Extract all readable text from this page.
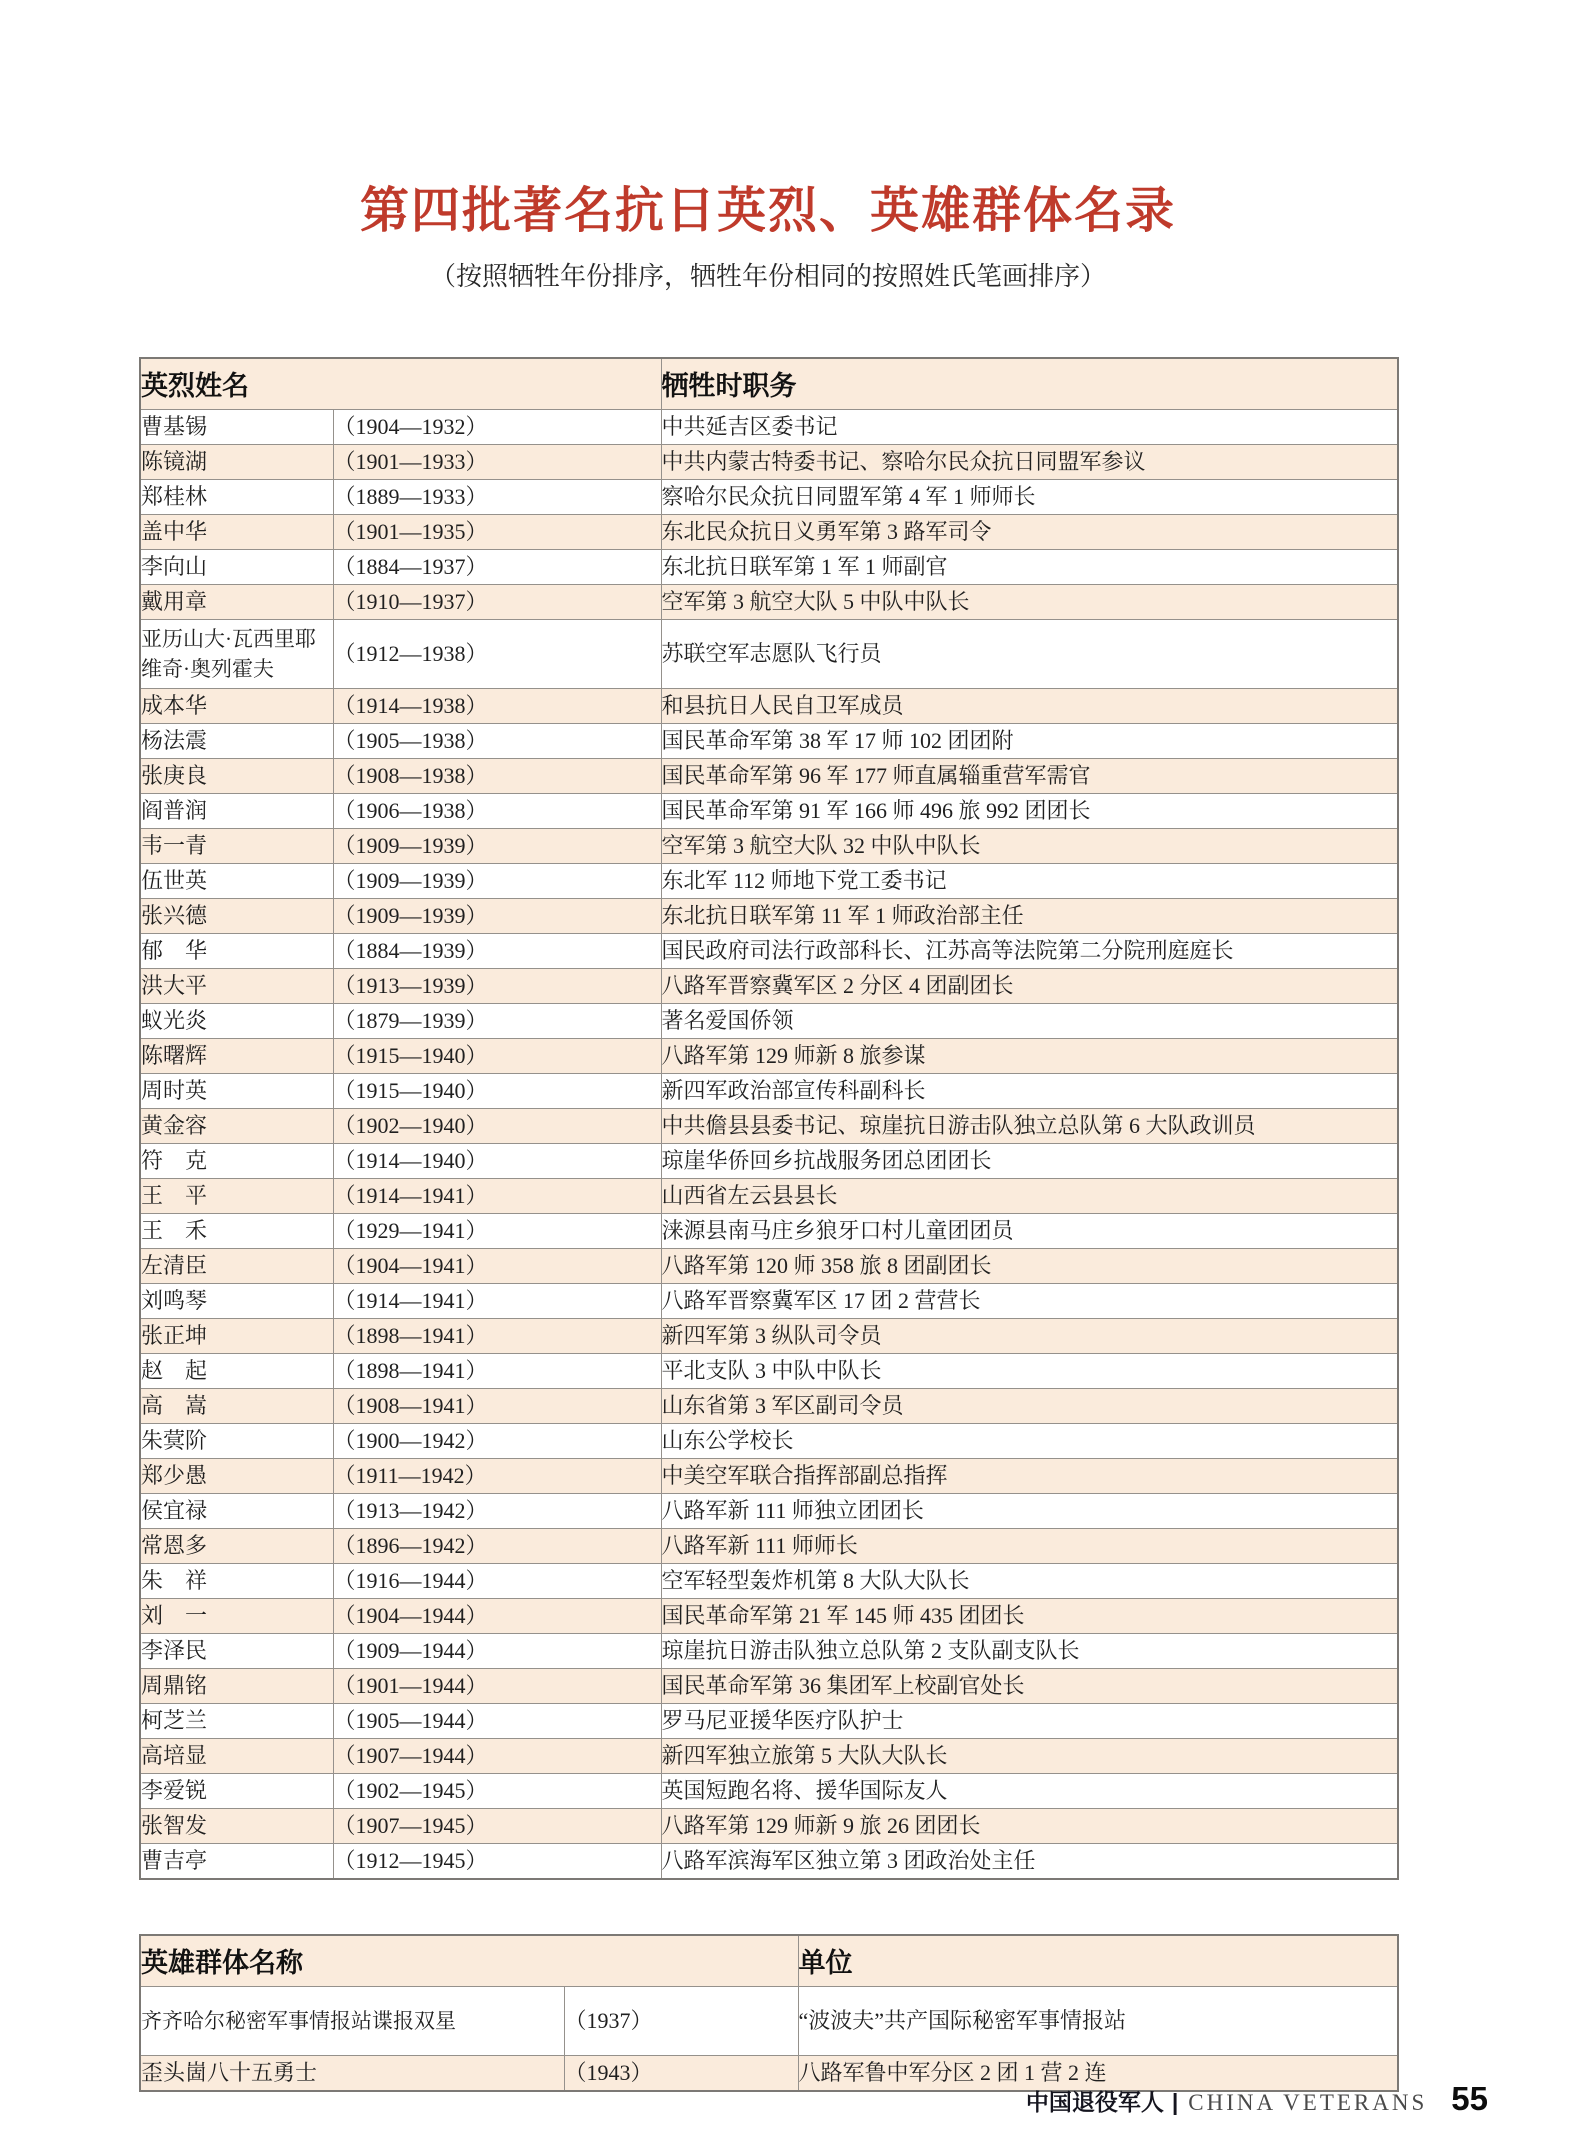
第四批著名抗日英烈、英雄群体名录
（按照牺牲年份排序，牺牲年份相同的按照姓氏笔画排序）
英烈姓名		牺牲时职务
曹基锡	（1904—1932）	中共延吉区委书记
陈镜湖	（1901—1933）	中共内蒙古特委书记、察哈尔民众抗日同盟军参议
郑桂林	（1889—1933）	察哈尔民众抗日同盟军第 4 军 1 师师长
盖中华	（1901—1935）	东北民众抗日义勇军第 3 路军司令
李向山	（1884—1937）	东北抗日联军第 1 军 1 师副官
戴用章	（1910—1937）	空军第 3 航空大队 5 中队中队长
亚历山大·瓦西里耶维奇·奥列霍夫	（1912—1938）	苏联空军志愿队飞行员
成本华	（1914—1938）	和县抗日人民自卫军成员
杨法震	（1905—1938）	国民革命军第 38 军 17 师 102 团团附
张庚良	（1908—1938）	国民革命军第 96 军 177 师直属辎重营军需官
阎普润	（1906—1938）	国民革命军第 91 军 166 师 496 旅 992 团团长
韦一青	（1909—1939）	空军第 3 航空大队 32 中队中队长
伍世英	（1909—1939）	东北军 112 师地下党工委书记
张兴德	（1909—1939）	东北抗日联军第 11 军 1 师政治部主任
郁　华	（1884—1939）	国民政府司法行政部科长、江苏高等法院第二分院刑庭庭长
洪大平	（1913—1939）	八路军晋察冀军区 2 分区 4 团副团长
蚁光炎	（1879—1939）	著名爱国侨领
陈曙辉	（1915—1940）	八路军第 129 师新 8 旅参谋
周时英	（1915—1940）	新四军政治部宣传科副科长
黄金容	（1902—1940）	中共儋县县委书记、琼崖抗日游击队独立总队第 6 大队政训员
符　克	（1914—1940）	琼崖华侨回乡抗战服务团总团团长
王　平	（1914—1941）	山西省左云县县长
王　禾	（1929—1941）	涞源县南马庄乡狼牙口村儿童团团员
左清臣	（1904—1941）	八路军第 120 师 358 旅 8 团副团长
刘鸣琴	（1914—1941）	八路军晋察冀军区 17 团 2 营营长
张正坤	（1898—1941）	新四军第 3 纵队司令员
赵　起	（1898—1941）	平北支队 3 中队中队长
高　嵩	（1908—1941）	山东省第 3 军区副司令员
朱蓂阶	（1900—1942）	山东公学校长
郑少愚	（1911—1942）	中美空军联合指挥部副总指挥
侯宜禄	（1913—1942）	八路军新 111 师独立团团长
常恩多	（1896—1942）	八路军新 111 师师长
朱　祥	（1916—1944）	空军轻型轰炸机第 8 大队大队长
刘　一	（1904—1944）	国民革命军第 21 军 145 师 435 团团长
李泽民	（1909—1944）	琼崖抗日游击队独立总队第 2 支队副支队长
周鼎铭	（1901—1944）	国民革命军第 36 集团军上校副官处长
柯芝兰	（1905—1944）	罗马尼亚援华医疗队护士
高培显	（1907—1944）	新四军独立旅第 5 大队大队长
李爱锐	（1902—1945）	英国短跑名将、援华国际友人
张智发	（1907—1945）	八路军第 129 师新 9 旅 26 团团长
曹吉亭	（1912—1945）	八路军滨海军区独立第 3 团政治处主任
英雄群体名称		单位
齐齐哈尔秘密军事情报站谍报双星	（1937）	“波波夫”共产国际秘密军事情报站
歪头崮八十五勇士	（1943）	八路军鲁中军分区 2 团 1 营 2 连
中国退役军人 | CHINA VETERANS 55
